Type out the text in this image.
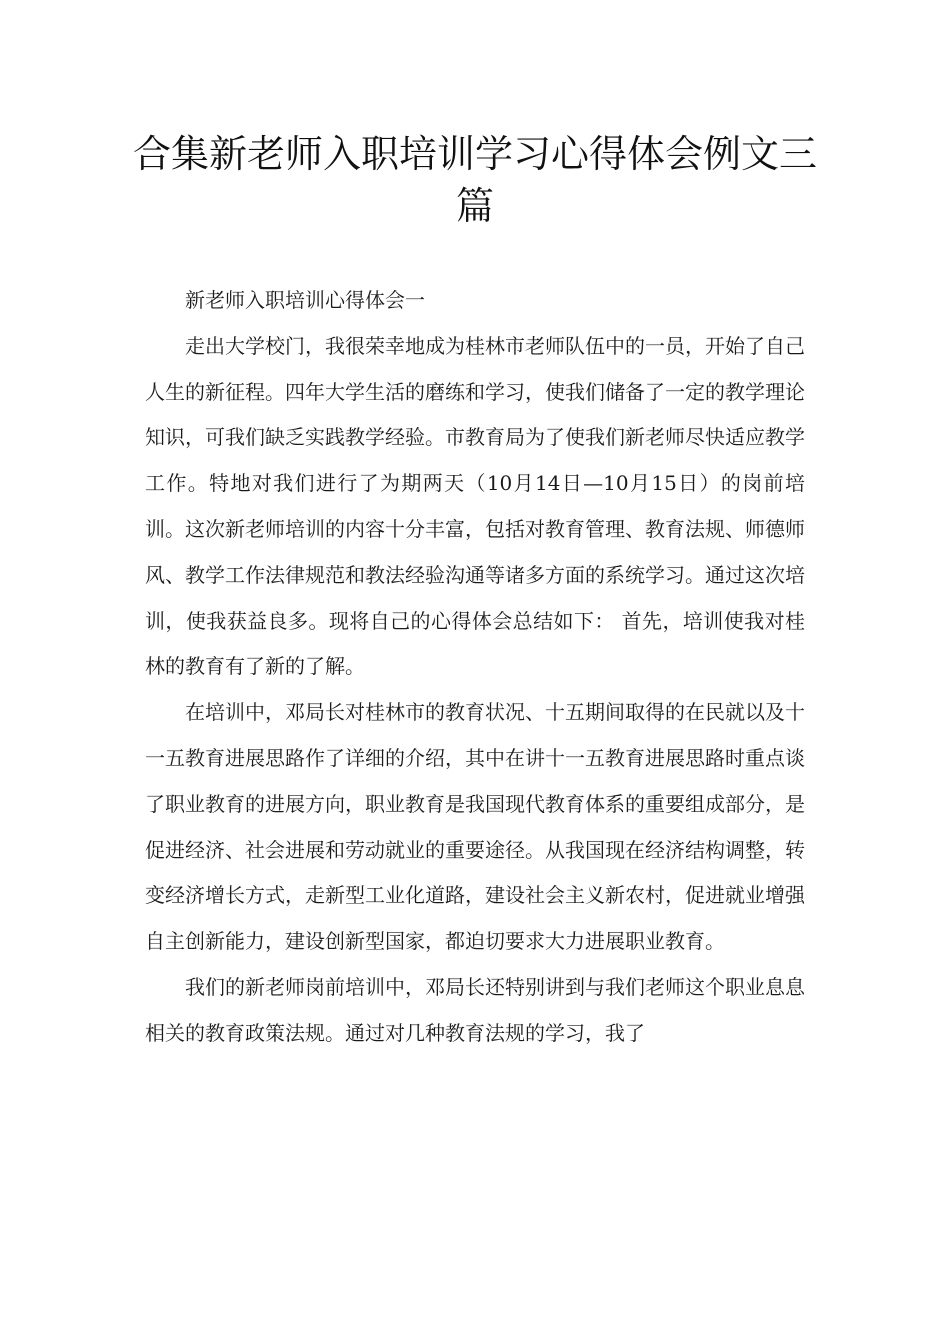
合集新老师入职培训学习心得体会例文三篇

新老师入职培训心得体会一

走出大学校门，我很荣幸地成为桂林市老师队伍中的一员，开始了自己人生的新征程。四年大学生活的磨练和学习，使我们储备了一定的教学理论知识，可我们缺乏实践教学经验。市教育局为了使我们新老师尽快适应教学工作。特地对我们进行了为期两天（10月14日—10月15日）的岗前培训。这次新老师培训的内容十分丰富，包括对教育管理、教育法规、师德师风、教学工作法律规范和教法经验沟通等诸多方面的系统学习。通过这次培训，使我获益良多。现将自己的心得体会总结如下： 首先，培训使我对桂林的教育有了新的了解。

在培训中，邓局长对桂林市的教育状况、十五期间取得的在民就以及十一五教育进展思路作了详细的介绍，其中在讲十一五教育进展思路时重点谈了职业教育的进展方向，职业教育是我国现代教育体系的重要组成部分，是促进经济、社会进展和劳动就业的重要途径。从我国现在经济结构调整，转变经济增长方式，走新型工业化道路，建设社会主义新农村，促进就业增强自主创新能力，建设创新型国家，都迫切要求大力进展职业教育。

我们的新老师岗前培训中，邓局长还特别讲到与我们老师这个职业息息相关的教育政策法规。通过对几种教育法规的学习，我了
